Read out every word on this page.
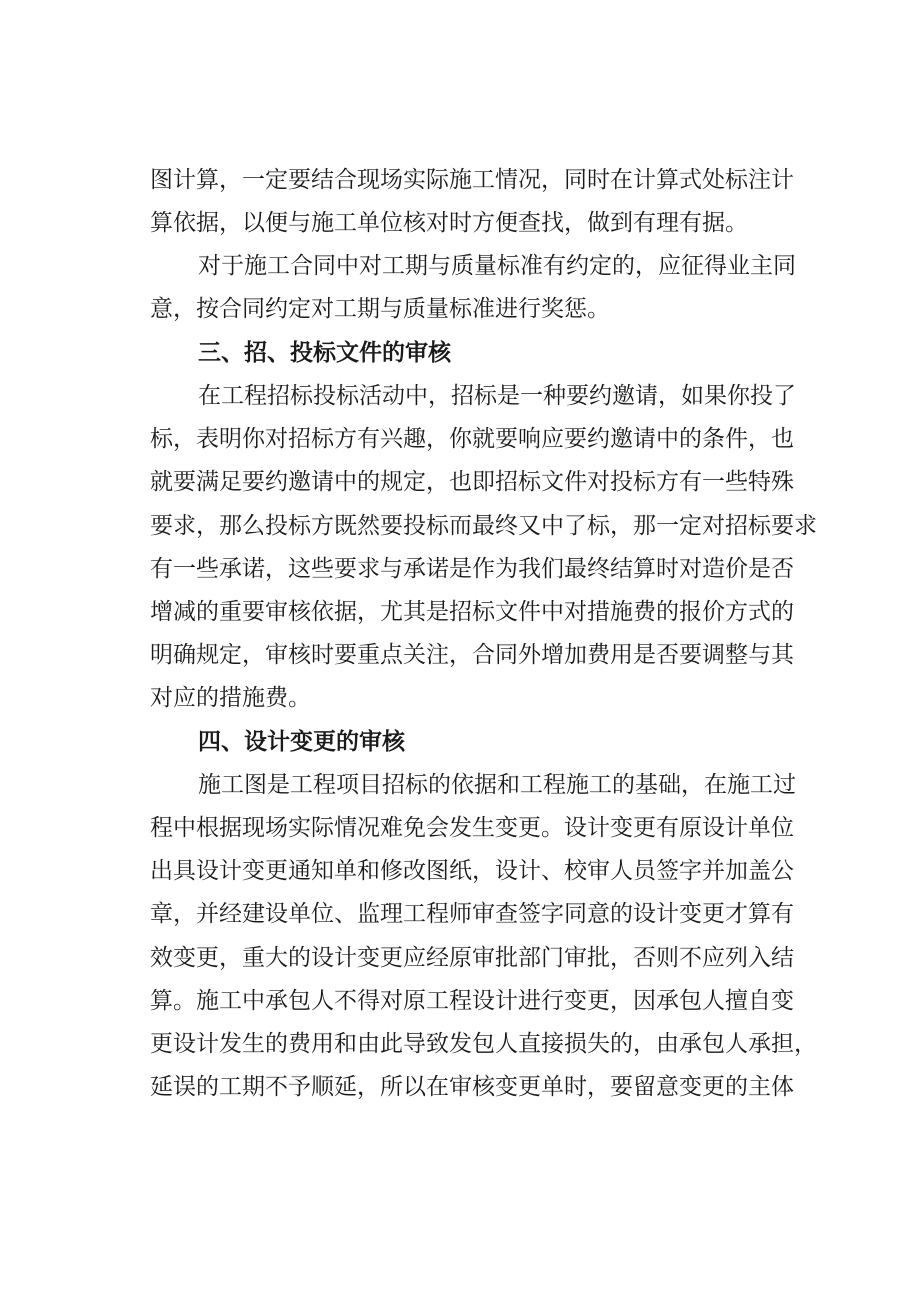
图计算，一定要结合现场实际施工情况，同时在计算式处标注计

算依据，以便与施工单位核对时方便查找，做到有理有据。

对于施工合同中对工期与质量标准有约定的，应征得业主同

意，按合同约定对工期与质量标准进行奖惩。

三、招、投标文件的审核

在工程招标投标活动中，招标是一种要约邀请，如果你投了

标，表明你对招标方有兴趣，你就要响应要约邀请中的条件，也

就要满足要约邀请中的规定，也即招标文件对投标方有一些特殊

要求，那么投标方既然要投标而最终又中了标，那一定对招标要求

有一些承诺，这些要求与承诺是作为我们最终结算时对造价是否

增减的重要审核依据，尤其是招标文件中对措施费的报价方式的

明确规定，审核时要重点关注，合同外增加费用是否要调整与其

对应的措施费。

四、设计变更的审核

施工图是工程项目招标的依据和工程施工的基础，在施工过

程中根据现场实际情况难免会发生变更。设计变更有原设计单位

出具设计变更通知单和修改图纸，设计、校审人员签字并加盖公

章，并经建设单位、监理工程师审查签字同意的设计变更才算有

效变更，重大的设计变更应经原审批部门审批，否则不应列入结

算。施工中承包人不得对原工程设计进行变更，因承包人擅自变

更设计发生的费用和由此导致发包人直接损失的，由承包人承担，

延误的工期不予顺延，所以在审核变更单时，要留意变更的主体
